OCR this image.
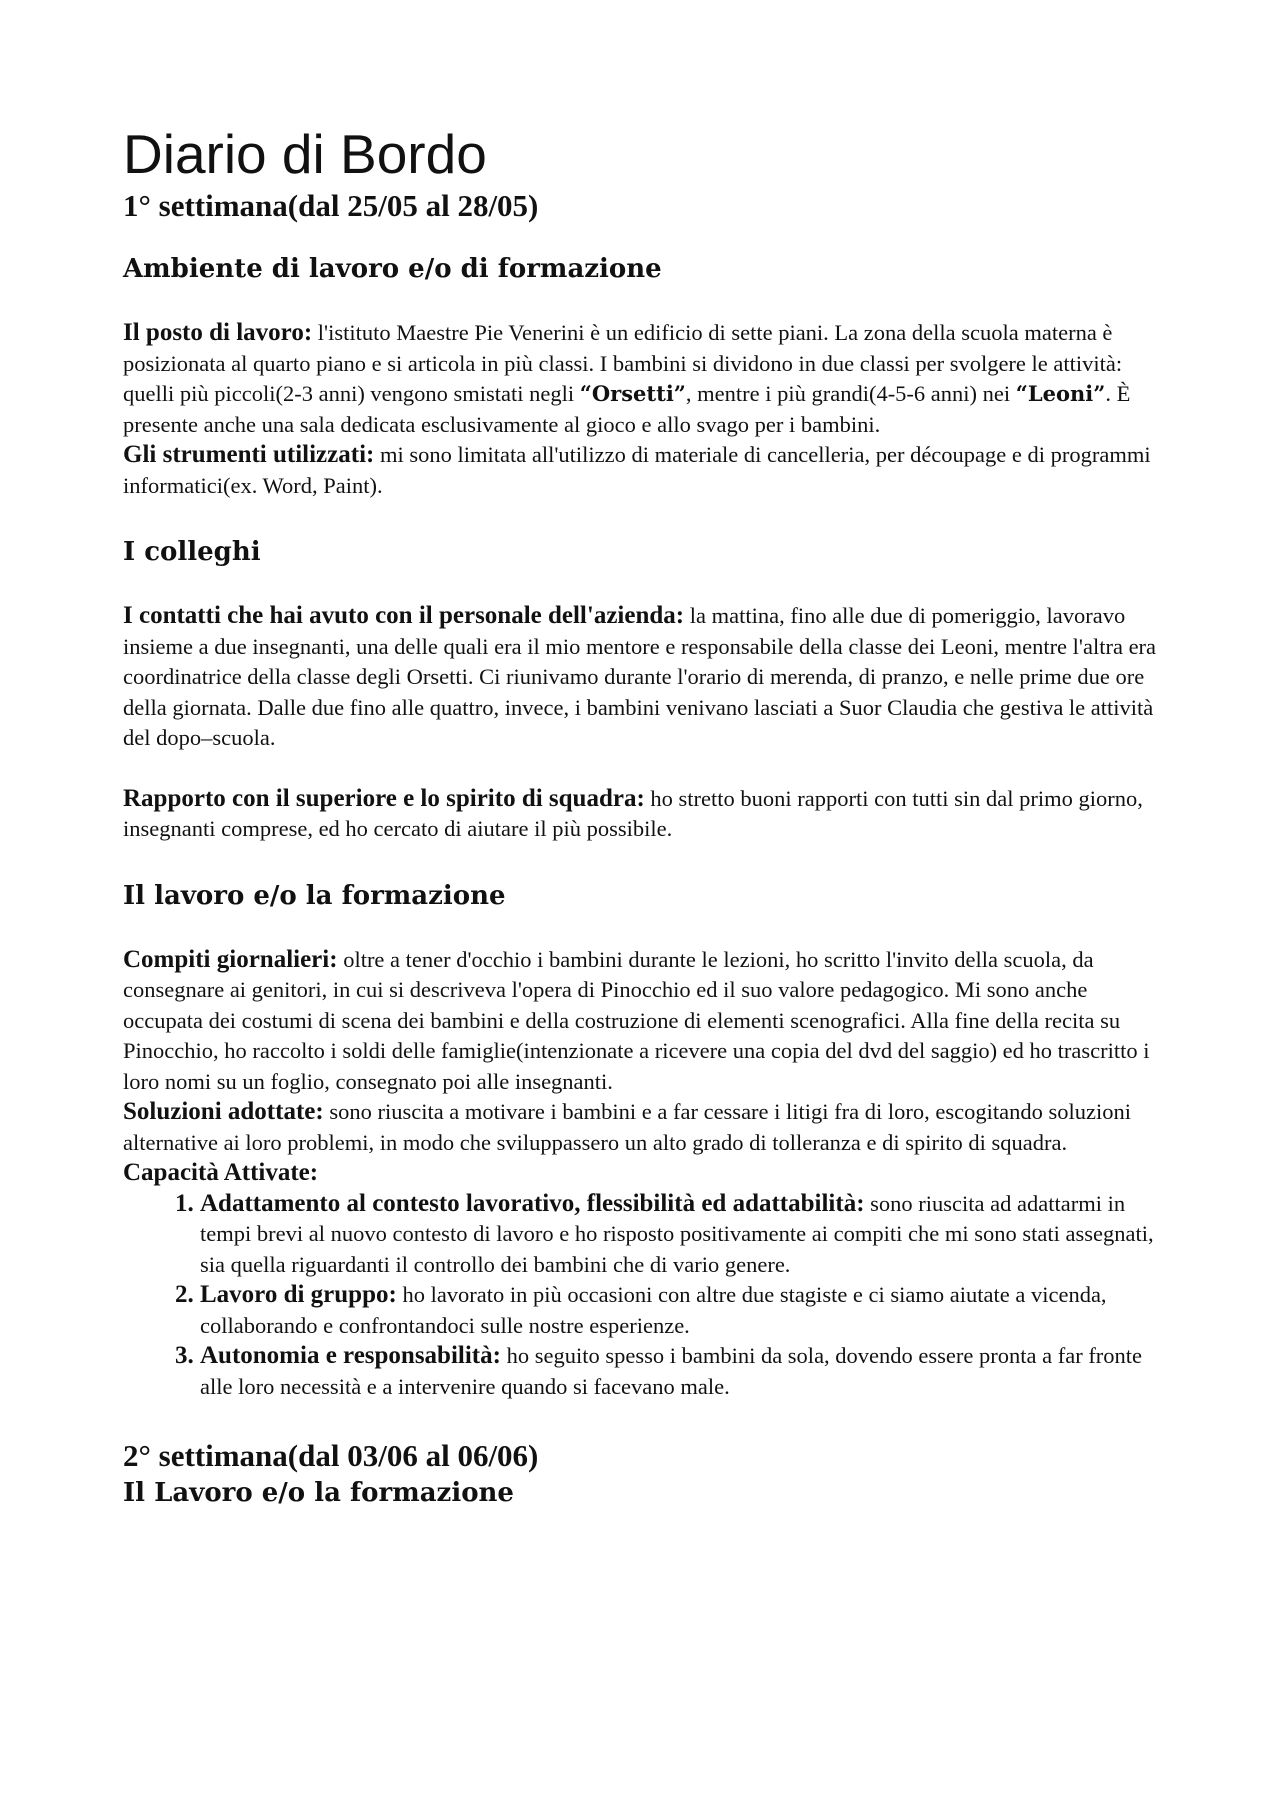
Diario di Bordo
1° settimana(dal 25/05 al 28/05)
Ambiente di lavoro e/o di formazione

Il posto di lavoro: l'istituto Maestre Pie Venerini è un edificio di sette piani. La zona della scuola materna è posizionata al quarto piano e si articola in più classi. I bambini si dividono in due classi per svolgere le attività: quelli più piccoli(2-3 anni) vengono smistati negli “Orsetti”, mentre i più grandi(4-5-6 anni) nei “Leoni”. È presente anche una sala dedicata esclusivamente al gioco e allo svago per i bambini.

Gli strumenti utilizzati: mi sono limitata all'utilizzo di materiale di cancelleria, per découpage e di programmi informatici(ex. Word, Paint).

I colleghi

I contatti che hai avuto con il personale dell'azienda: la mattina, fino alle due di pomeriggio, lavoravo insieme a due insegnanti, una delle quali era il mio mentore e responsabile della classe dei Leoni, mentre l'altra era coordinatrice della classe degli Orsetti. Ci riunivamo durante l'orario di merenda, di pranzo, e nelle prime due ore della giornata. Dalle due fino alle quattro, invece, i bambini venivano lasciati a Suor Claudia che gestiva le attività del dopo–scuola.

Rapporto con il superiore e lo spirito di squadra: ho stretto buoni rapporti con tutti sin dal primo giorno, insegnanti comprese, ed ho cercato di aiutare il più possibile.

Il lavoro e/o la formazione

Compiti giornalieri: oltre a tener d'occhio i bambini durante le lezioni, ho scritto l'invito della scuola, da consegnare ai genitori, in cui si descriveva l'opera di Pinocchio ed il suo valore pedagogico. Mi sono anche occupata dei costumi di scena dei bambini e della costruzione di elementi scenografici. Alla fine della recita su Pinocchio, ho raccolto i soldi delle famiglie(intenzionate a ricevere una copia del dvd del saggio) ed ho trascritto i loro nomi su un foglio, consegnato poi alle insegnanti.

Soluzioni adottate: sono riuscita a motivare i bambini e a far cessare i litigi fra di loro, escogitando soluzioni alternative ai loro problemi, in modo che sviluppassero un alto grado di tolleranza e di spirito di squadra.

Capacità Attivate:

1. Adattamento al contesto lavorativo, flessibilità ed adattabilità: sono riuscita ad adattarmi in tempi brevi al nuovo contesto di lavoro e ho risposto positivamente ai compiti che mi sono stati assegnati, sia quella riguardanti il controllo dei bambini che di vario genere.
2. Lavoro di gruppo: ho lavorato in più occasioni con altre due stagiste e ci siamo aiutate a vicenda, collaborando e confrontandoci sulle nostre esperienze.
3. Autonomia e responsabilità: ho seguito spesso i bambini da sola, dovendo essere pronta a far fronte alle loro necessità e a intervenire quando si facevano male.
2° settimana(dal 03/06 al 06/06)
Il Lavoro e/o la formazione
